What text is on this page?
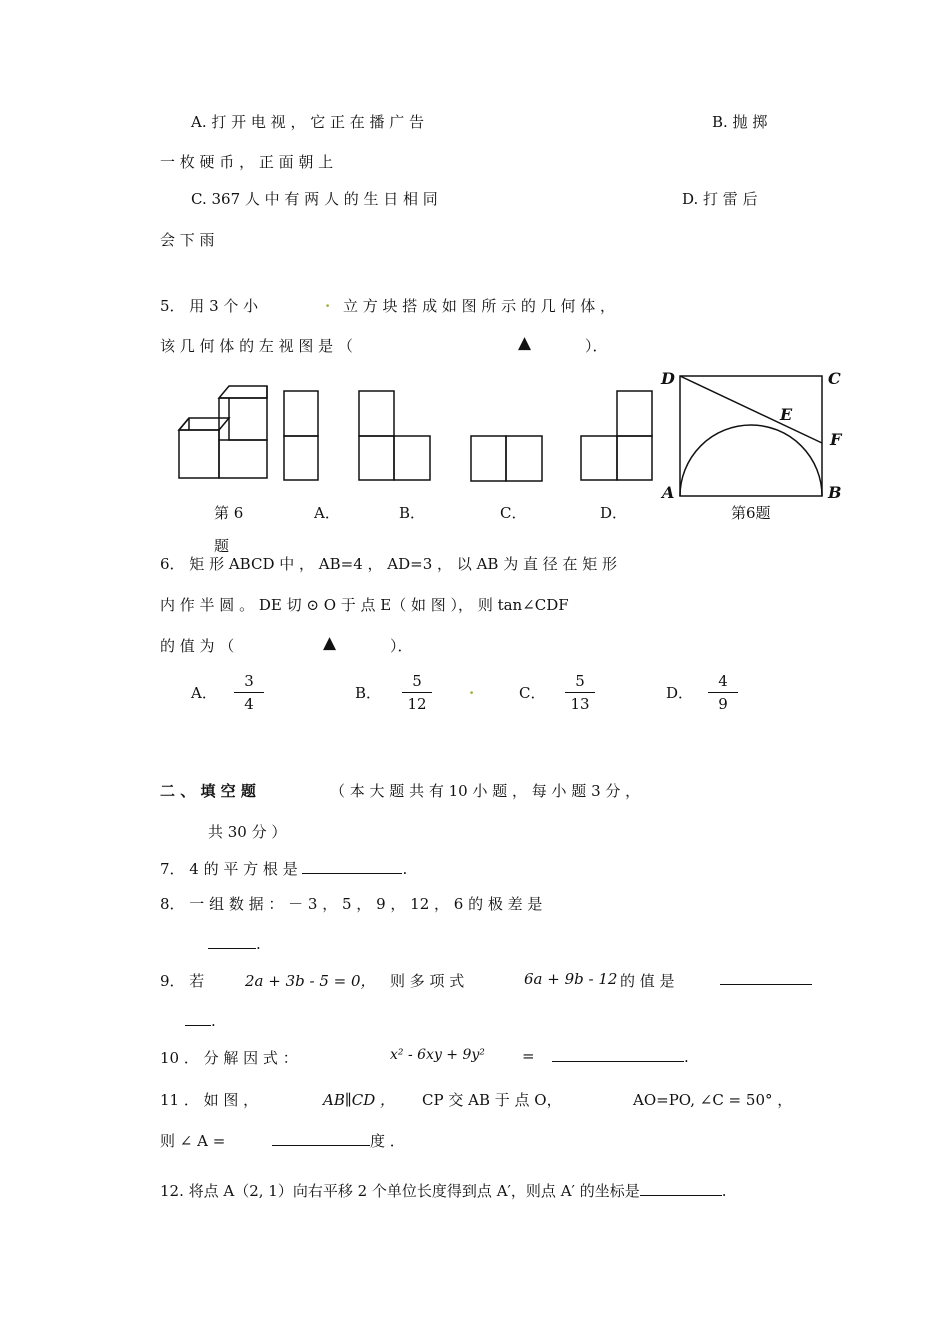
A. 打 开 电 视 ， 它 正 在 播 广 告	B. 抛 掷
一 枚 硬 币 ， 正 面 朝 上
C. 367 人 中 有 两 人 的 生 日 相 同	D. 打 雷 后
会 下 雨
5． 用 3 个 小	. 立 方 块 搭 成 如 图 所 示 的 几 何 体 ，
该 几 何 体 的 左 视 图 是 （	▲	）．
D	C
E
F
A	B
第 6
题
A．	B．	C．	D．	第6题
6． 矩 形 ABCD 中 ， AB=4 ， AD=3 ， 以 AB 为 直 径 在 矩 形
内 作 半 圆 。 DE 切 ⊙ O 于 点 E（ 如 图 ）， 则 tan∠CDF
的 值 为 （	▲	）．
A．
3
4
B．
5
12
.	C．
5
13
D．
4
9
二 、 填 空 题	（ 本 大 题 共 有 10 小 题 ， 每 小 题 3 分 ，
共 30 分 ）
7． 4 的 平 方 根 是	.
8． 一 组 数 据 ： － 3 ， 5 ， 9 ， 12 ， 6 的 极 差 是
.
9． 若	2a + 3b - 5 = 0， 则 多 项 式	6a + 9b - 12 的 值 是
.
10 ． 分 解 因 式 ：	x² - 6xy + 9y² =	.
11 ． 如 图 ，	AB∥CD ， CP 交 AB 于 点 O，	AO=PO, ∠C = 50° ，
则 ∠ A =	度 ．
12. 将点 A（2, 1）向右平移 2 个单位长度得到点 A′，则点 A′ 的坐标是	.
